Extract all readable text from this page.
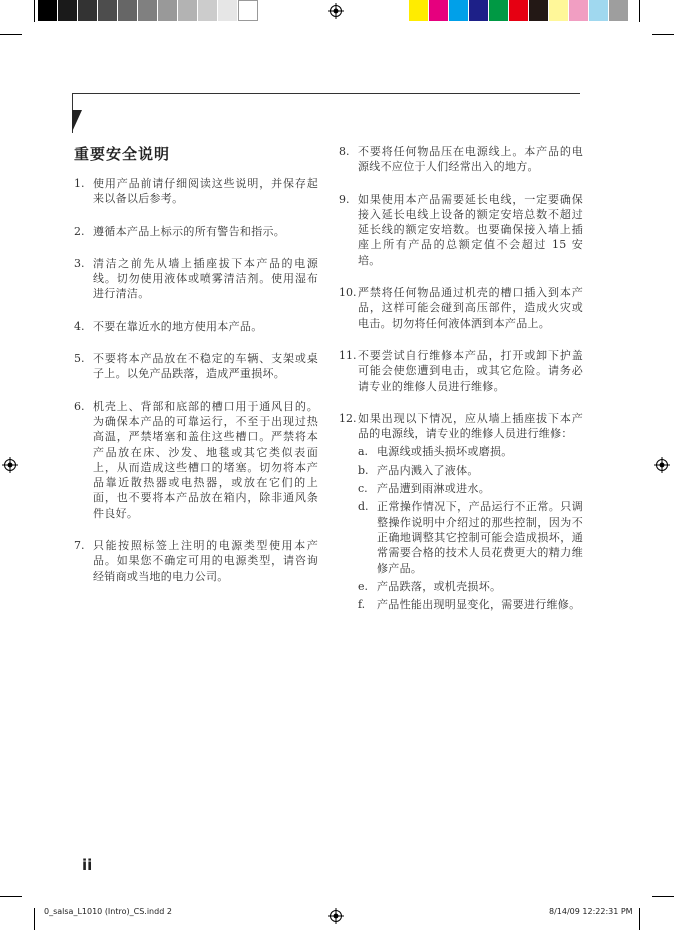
重要安全说明
1. 使用产品前请仔细阅读这些说明，并保存起来以备以后参考。
2. 遵循本产品上标示的所有警告和指示。
3. 清洁之前先从墙上插座拔下本产品的电源线。切勿使用液体或喷雾清洁剂。使用湿布进行清洁。
4. 不要在靠近水的地方使用本产品。
5. 不要将本产品放在不稳定的车辆、支架或桌子上。以免产品跌落，造成严重损坏。
6. 机壳上、背部和底部的槽口用于通风目的。为确保本产品的可靠运行，不至于出现过热高温，严禁堵塞和盖住这些槽口。严禁将本产品放在床、沙发、地毯或其它类似表面上，从而造成这些槽口的堵塞。切勿将本产品靠近散热器或电热器，或放在它们的上面，也不要将本产品放在箱内，除非通风条件良好。
7. 只能按照标签上注明的电源类型使用本产品。如果您不确定可用的电源类型，请咨询经销商或当地的电力公司。
8. 不要将任何物品压在电源线上。本产品的电源线不应位于人们经常出入的地方。
9. 如果使用本产品需要延长电线，一定要确保接入延长电线上设备的额定安培总数不超过延长线的额定安培数。也要确保接入墙上插座上所有产品的总额定值不会超过 15 安培。
10. 严禁将任何物品通过机壳的槽口插入到本产品，这样可能会碰到高压部件，造成火灾或电击。切勿将任何液体洒到本产品上。
11. 不要尝试自行维修本产品，打开或卸下护盖可能会使您遭到电击，或其它危险。请务必请专业的维修人员进行维修。
12. 如果出现以下情况，应从墙上插座拔下本产品的电源线，请专业的维修人员进行维修：
a. 电源线或插头损坏或磨损。
b. 产品内溅入了液体。
c. 产品遭到雨淋或进水。
d. 正常操作情况下，产品运行不正常。只调整操作说明中介绍过的那些控制，因为不正确地调整其它控制可能会造成损坏，通常需要合格的技术人员花费更大的精力维修产品。
e. 产品跌落，或机壳损坏。
f.	产品性能出现明显变化，需要进行维修。
ii
0_salsa_L1010 (Intro)_CS.indd 2	8/14/09 12:22:31 PM
